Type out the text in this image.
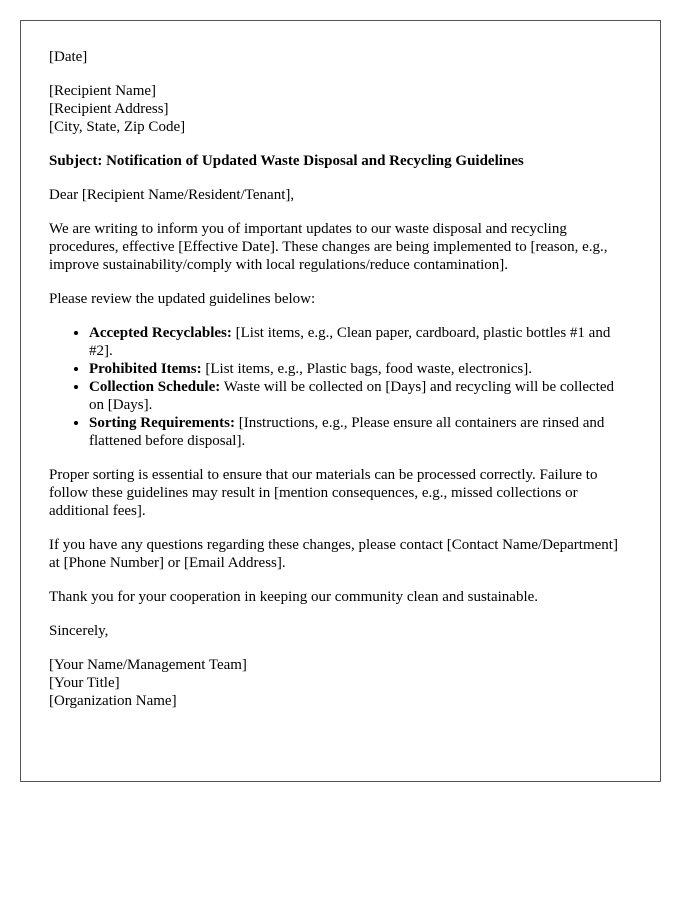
[Date]

[Recipient Name]
[Recipient Address]
[City, State, Zip Code]

Subject: Notification of Updated Waste Disposal and Recycling Guidelines

Dear [Recipient Name/Resident/Tenant],

We are writing to inform you of important updates to our waste disposal and recycling procedures, effective [Effective Date]. These changes are being implemented to [reason, e.g., improve sustainability/comply with local regulations/reduce contamination].

Please review the updated guidelines below:

• Accepted Recyclables: [List items, e.g., Clean paper, cardboard, plastic bottles #1 and #2].
• Prohibited Items: [List items, e.g., Plastic bags, food waste, electronics].
• Collection Schedule: Waste will be collected on [Days] and recycling will be collected on [Days].
• Sorting Requirements: [Instructions, e.g., Please ensure all containers are rinsed and flattened before disposal].

Proper sorting is essential to ensure that our materials can be processed correctly. Failure to follow these guidelines may result in [mention consequences, e.g., missed collections or additional fees].

If you have any questions regarding these changes, please contact [Contact Name/Department] at [Phone Number] or [Email Address].

Thank you for your cooperation in keeping our community clean and sustainable.

Sincerely,

[Your Name/Management Team]
[Your Title]
[Organization Name]
